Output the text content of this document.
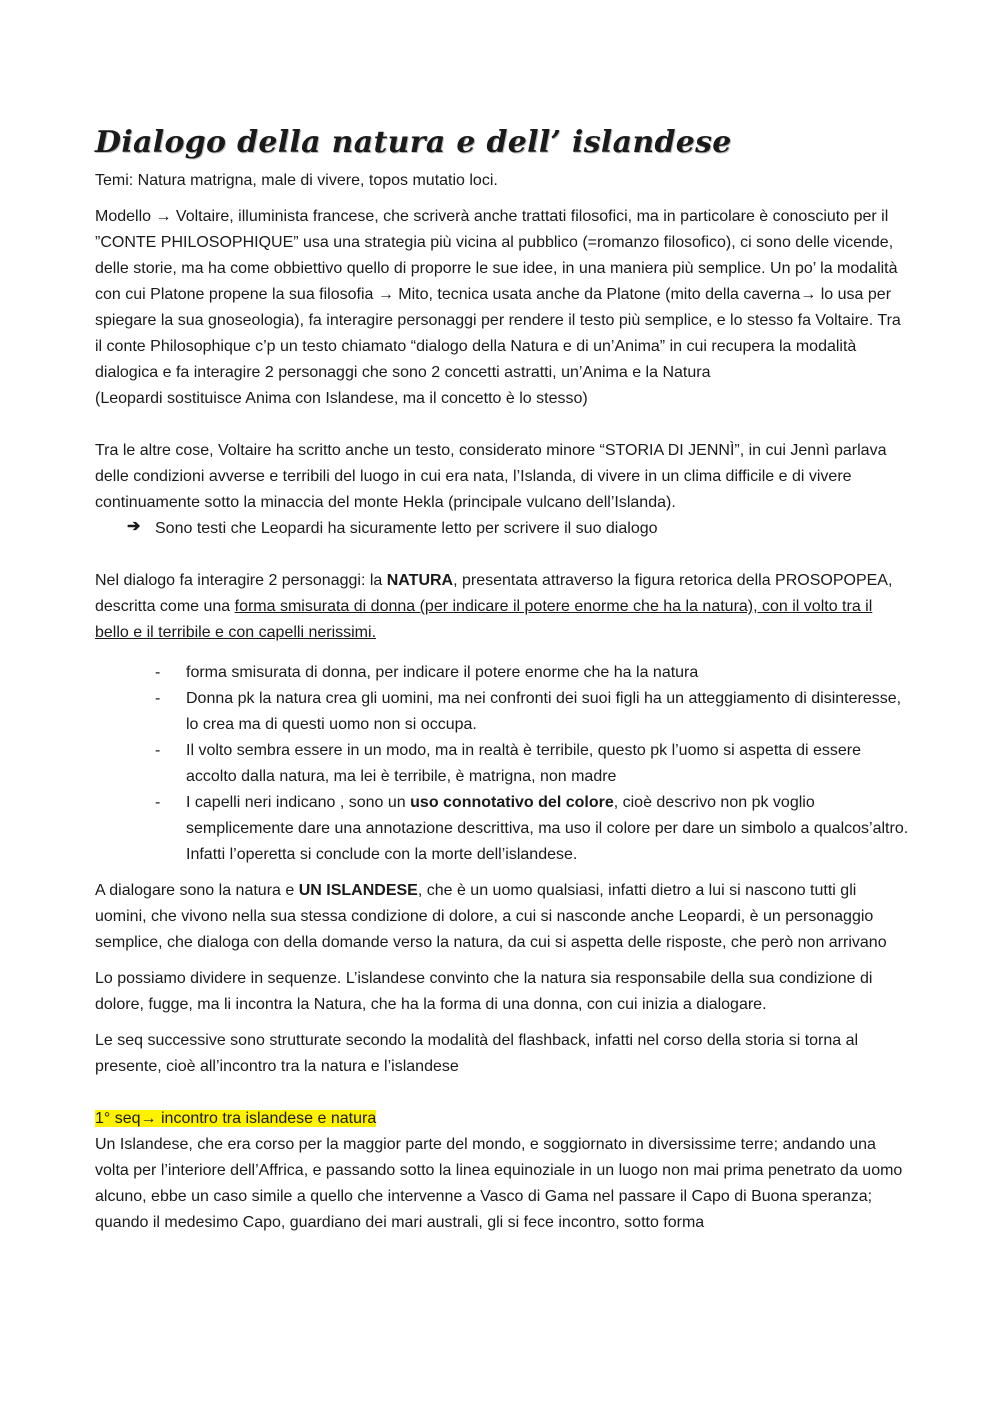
Dialogo della natura e dell’ islandese

Temi: Natura matrigna, male di vivere, topos mutatio loci.

Modello → Voltaire, illuminista francese, che scriverà anche trattati filosofici, ma in particolare è conosciuto per il ”CONTE PHILOSOPHIQUE” usa una strategia più vicina al pubblico (=romanzo filosofico), ci sono delle vicende, delle storie, ma ha come obbiettivo quello di proporre le sue idee, in una maniera più semplice. Un po’ la modalità con cui Platone propene la sua filosofia → Mito, tecnica usata anche da Platone (mito della caverna→ lo usa per spiegare la sua gnoseologia), fa interagire personaggi per rendere il testo più semplice, e lo stesso fa Voltaire. Tra il conte Philosophique c’p un testo chiamato “dialogo della Natura e di un’Anima” in cui recupera la modalità dialogica e fa interagire 2 personaggi che sono 2 concetti astratti, un’Anima e la Natura

(Leopardi sostituisce Anima con Islandese, ma il concetto è lo stesso)

Tra le altre cose, Voltaire ha scritto anche un testo, considerato minore “STORIA DI JENNÌ”, in cui Jennì parlava delle condizioni avverse e terribili del luogo in cui era nata, l’Islanda, di vivere in un clima difficile e di vivere continuamente sotto la minaccia del monte Hekla (principale vulcano dell’Islanda).

➔ Sono testi che Leopardi ha sicuramente letto per scrivere il suo dialogo

Nel dialogo fa interagire 2 personaggi: la NATURA, presentata attraverso la figura retorica della PROSOPOPEA, descritta come una forma smisurata di donna (per indicare il potere enorme che ha la natura), con il volto tra il bello e il terribile e con capelli nerissimi.

- forma smisurata di donna, per indicare il potere enorme che ha la natura
- Donna pk la natura crea gli uomini, ma nei confronti dei suoi figli ha un atteggiamento di disinteresse, lo crea ma di questi uomo non si occupa.
- Il volto sembra essere in un modo, ma in realtà è terribile, questo pk l’uomo si aspetta di essere accolto dalla natura, ma lei è terribile, è matrigna, non madre
- I capelli neri indicano , sono un uso connotativo del colore, cioè descrivo non pk voglio semplicemente dare una annotazione descrittiva, ma uso il colore per dare un simbolo a qualcos’altro. Infatti l’operetta si conclude con la morte dell’islandese.

A dialogare sono la natura e UN ISLANDESE, che è un uomo qualsiasi, infatti dietro a lui si nascono tutti gli uomini, che vivono nella sua stessa condizione di dolore, a cui si nasconde anche Leopardi, è un personaggio semplice, che dialoga con della domande verso la natura, da cui si aspetta delle risposte, che però non arrivano

Lo possiamo dividere in sequenze. L’islandese convinto che la natura sia responsabile della sua condizione di dolore, fugge, ma li incontra la Natura, che ha la forma di una donna, con cui inizia a dialogare.

Le seq successive sono strutturate secondo la modalità del flashback, infatti nel corso della storia si torna al presente, cioè all’incontro tra la natura e l’islandese

1° seq→ incontro tra islandese e natura

Un Islandese, che era corso per la maggior parte del mondo, e soggiornato in diversissime terre; andando una volta per l’interiore dell’Affrica, e passando sotto la linea equinoziale in un luogo non mai prima penetrato da uomo alcuno, ebbe un caso simile a quello che intervenne a Vasco di Gama nel passare il Capo di Buona speranza; quando il medesimo Capo, guardiano dei mari australi, gli si fece incontro, sotto forma
